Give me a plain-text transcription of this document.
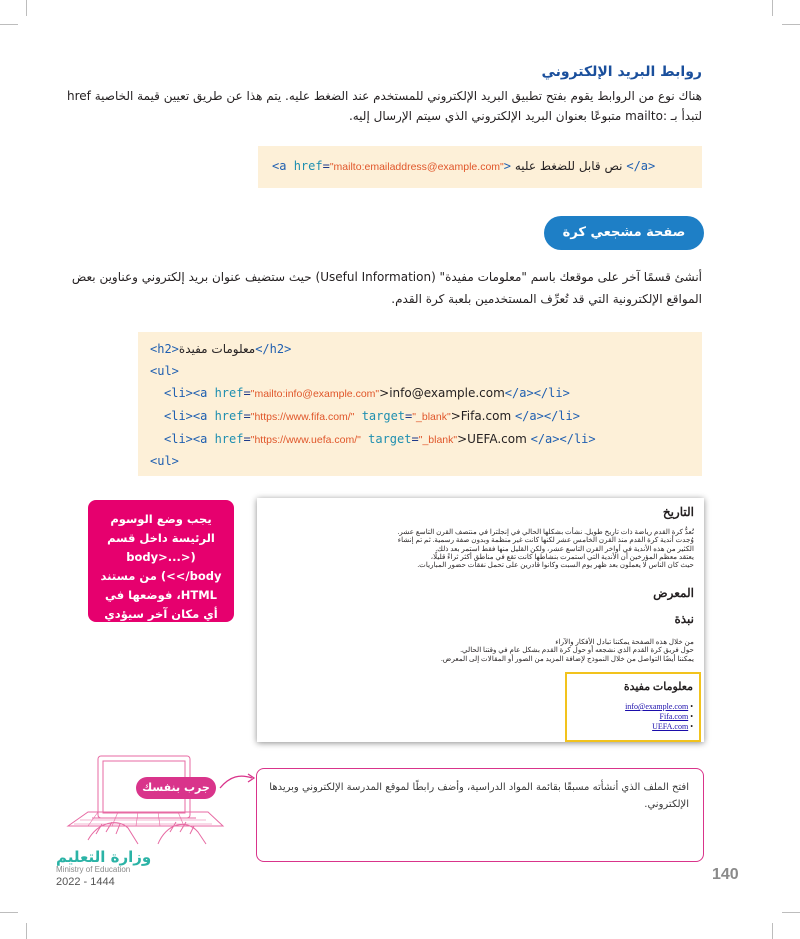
روابط البريد الإلكتروني
هناك نوع من الروابط يقوم بفتح تطبيق البريد الإلكتروني للمستخدم عند الضغط عليه. يتم هذا عن طريق تعيين قيمة الخاصية href
لتبدأ بـ :mailto متبوعًا بعنوان البريد الإلكتروني الذي سيتم الإرسال إليه.
<a href="mailto:emailaddress@example.com"> نص قابل للضغط عليه </a>
صفحة مشجعي كرة القدم
أنشئ قسمًا آخر على موقعك باسم "معلومات مفيدة" (Useful Information) حيث ستضيف عنوان بريد إلكتروني وعناوين بعض
المواقع الإلكترونية التي قد تُعرِّف المستخدمين بلعبة كرة القدم.
<h2>معلومات مفيدة</h2>
<ul>
<li><a href="mailto:info@example.com">info@example.com</a></li>
<li><a href="https://www.fifa.com/" target="_blank">Fifa.com </a></li>
<li><a href="https://www.uefa.com/" target="_blank">UEFA.com </a></li>
<ul>
يجب وضع الوسوم الرئيسة داخل قسم (<body>...</body>) من مستند HTML، فوضعها في أي مكان آخر سيؤدي إلى ظهور أخطاء.
التاريخ
تُعدُّ كرة القدم رياضة ذات تاريخ طويل. نشأت بشكلها الحالي في إنجلترا في منتصف القرن التاسع عشر.
وُجدت أندية كرة القدم منذ القرن الخامس عشر لكنها كانت غير منظمة وبدون صفة رسمية. ثم تم إنشاء
الكثير من هذه الأندية في أواخر القرن التاسع عشر، ولكن القليل منها فقط استمر بعد ذلك.
يعتقد معظم المؤرخين أن الأندية التي استمرت بنشاطها كانت تقع في مناطق أكثر ثراءً قليلًا،
حيث كان الناس لا يعملون بعد ظهر يوم السبت وكانوا قادرين على تحمل نفقات حضور المباريات.
المعرض
نبذة
من خلال هذه الصفحة يمكننا تبادل الأفكار والآراء
حول فريق كرة القدم الذي نشجعه أو حول كرة القدم بشكل عام في وقتنا الحالي.
يمكننا أيضًا التواصل من خلال النموذج لإضافة المزيد من الصور أو المقالات إلى المعرض.
معلومات مفيدة
info@example.com •
Fifa.com •
UEFA.com •
جرب بنفسك	افتح الملف الذي أنشأته مسبقًا بقائمة المواد الدراسية، وأضف رابطًا لموقع المدرسة الإلكتروني وبريدها
الإلكتروني.
وزارة التعليم
Ministry of Education
2022 - 1444	140
